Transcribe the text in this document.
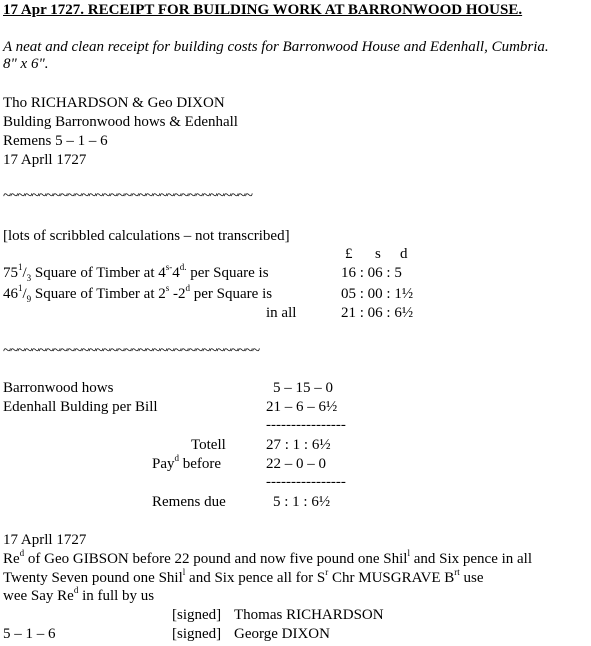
17 Apr 1727. RECEIPT FOR BUILDING WORK AT BARRONWOOD HOUSE.
A neat and clean receipt for building costs for Barronwood House and Edenhall, Cumbria.
8" x 6".
Tho RICHARDSON & Geo DIXON
Bulding Barronwood hows & Edenhall
Remens 5 – 1 – 6
17 Aprll 1727
~~~~~~~~~~~~~~~~~~~~~~~~~~~~~~~~~~~
[lots of scribbled calculations – not transcribed]
£ s d
$75^1/_3$ Square of Timber at $4^{s-}4^{d.}$ per Square is	16 : 06 : 5
$46^1/_9$ Square of Timber at 2$^s$ -2$^d$ per Square is	05 : 00 : 1½
in all	21 : 06 : 6½
~~~~~~~~~~~~~~~~~~~~~~~~~~~~~~~~~~~~
Barronwood hows	5 – 15 – 0
Edenhall Bulding per Bill	21 – 6 – 6½
----------------
Totell	27 : 1 : 6½
Pay$^d$ before	22 – 0 – 0
----------------
Remens due	5 : 1 : 6½
17 Aprll 1727
Re$^d$ of Geo GIBSON before 22 pound and now five pound one Shil$^l$ and Six pence in all
Twenty Seven pound one Shil$^l$ and Six pence all for $S^r$ Chr MUSGRAVE $B^{rt}$ use
wee Say Re$^d$ in full by us
[signed] Thomas RICHARDSON
5 – 1 – 6	[signed] George DIXON
